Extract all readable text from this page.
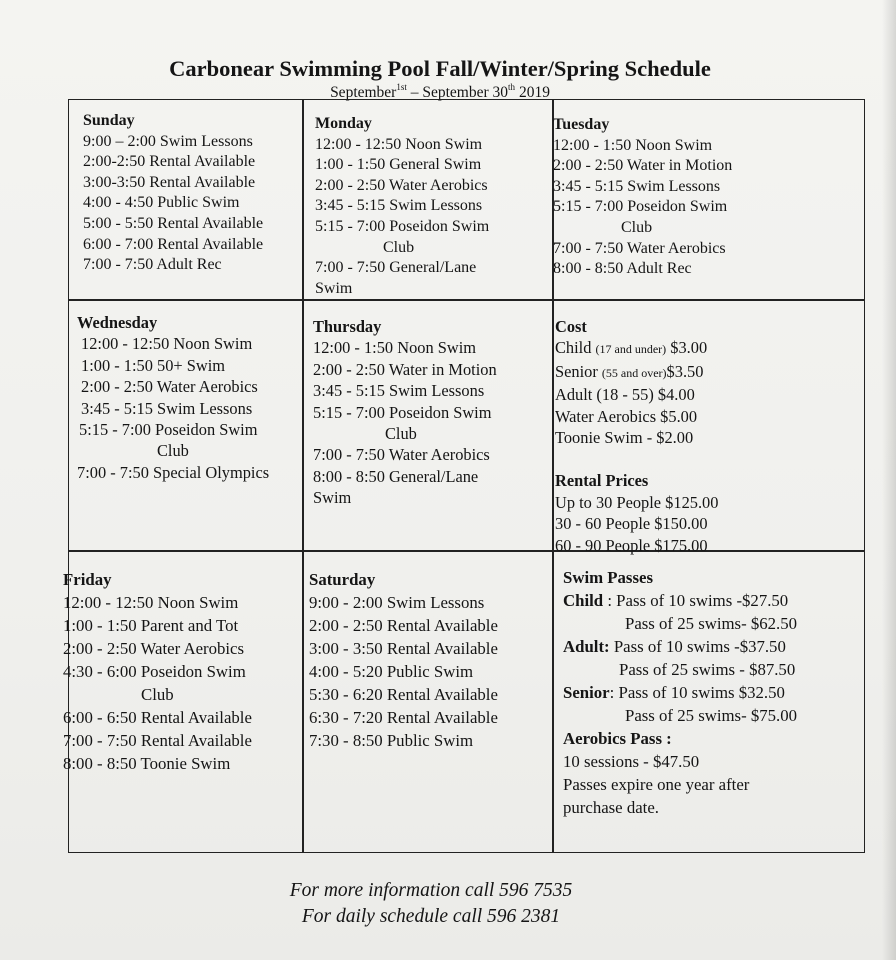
Carbonear Swimming Pool Fall/Winter/Spring Schedule
September$^{1st}$ – September 30th 2019
Sunday
9:00 – 2:00 Swim Lessons
2:00-2:50 Rental Available
3:00-3:50 Rental Available
4:00 - 4:50 Public Swim
5:00 - 5:50 Rental Available
6:00 - 7:00 Rental Available
7:00 - 7:50 Adult Rec
Monday
12:00 - 12:50 Noon Swim
1:00 - 1:50 General Swim
2:00 - 2:50 Water Aerobics
3:45 - 5:15 Swim Lessons
5:15 - 7:00 Poseidon Swim
Club
7:00 - 7:50 General/Lane
Swim
Tuesday
12:00 - 1:50 Noon Swim
2:00 - 2:50 Water in Motion
3:45 - 5:15 Swim Lessons
5:15 - 7:00 Poseidon Swim
Club
7:00 - 7:50 Water Aerobics
8:00 - 8:50 Adult Rec
Wednesday
12:00 - 12:50 Noon Swim
1:00 - 1:50 50+ Swim
2:00 - 2:50 Water Aerobics
3:45 - 5:15 Swim Lessons
5:15 - 7:00 Poseidon Swim
Club
7:00 - 7:50 Special Olympics
Thursday
12:00 - 1:50 Noon Swim
2:00 - 2:50 Water in Motion
3:45 - 5:15 Swim Lessons
5:15 - 7:00 Poseidon Swim
Club
7:00 - 7:50 Water Aerobics
8:00 - 8:50 General/Lane
Swim
Cost
Child (17 and under) $3.00
Senior (55 and over)$3.50
Adult (18 - 55) $4.00
Water Aerobics $5.00
Toonie Swim - $2.00
Rental Prices
Up to 30 People $125.00
30 - 60 People $150.00
60 - 90 People $175.00
Friday
12:00 - 12:50 Noon Swim
1:00 - 1:50 Parent and Tot
2:00 - 2:50 Water Aerobics
4:30 - 6:00 Poseidon Swim
Club
6:00 - 6:50 Rental Available
7:00 - 7:50 Rental Available
8:00 - 8:50 Toonie Swim
Saturday
9:00 - 2:00 Swim Lessons
2:00 - 2:50 Rental Available
3:00 - 3:50 Rental Available
4:00 - 5:20 Public Swim
5:30 - 6:20 Rental Available
6:30 - 7:20 Rental Available
7:30 - 8:50 Public Swim
Swim Passes
Child : Pass of 10 swims -$27.50
Pass of 25 swims- $62.50
Adult: Pass of 10 swims -$37.50
Pass of 25 swims - $87.50
Senior: Pass of 10 swims $32.50
Pass of 25 swims- $75.00
Aerobics Pass :
10 sessions - $47.50
Passes expire one year after
purchase date.
For more information call 596 7535
For daily schedule call 596 2381
